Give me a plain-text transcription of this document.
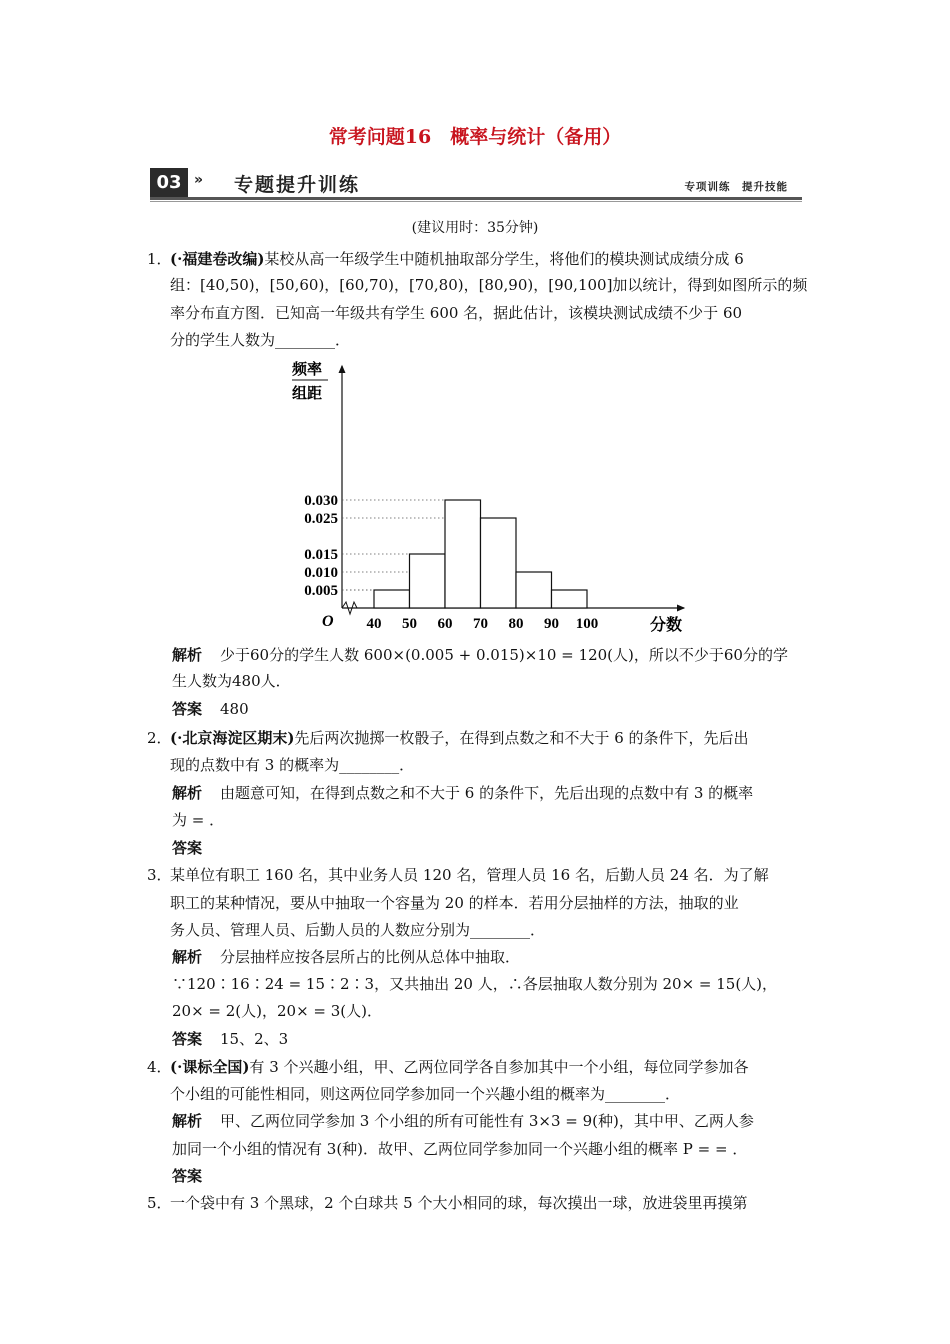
常考问题16　概率与统计（备用）
03 » 专题提升训练	专项训练　提升技能
(建议用时：35分钟)
1．
(·福建卷改编)某校从高一年级学生中随机抽取部分学生，将他们的模块测试成绩分成 6
组：[40,50)，[50,60)，[60,70)，[70,80)，[80,90)，[90,100]加以统计，得到如图所示的频
率分布直方图．已知高一年级共有学生 600 名，据此估计，该模块测试成绩不少于 60
分的学生人数为________．
频率
组距
O	分数
0.005
0.010
0.015
0.025
0.030
40 50 60 70 80 90 100
解析 少于60分的学生人数 600×(0.005 + 0.015)×10 = 120(人)，所以不少于60分的学
生人数为480人．
答案 480
2．
(·北京海淀区期末)先后两次抛掷一枚骰子，在得到点数之和不大于 6 的条件下，先后出
现的点数中有 3 的概率为________．
解析 由题意可知，在得到点数之和不大于 6 的条件下，先后出现的点数中有 3 的概率
为 = ．
答案
3．
某单位有职工 160 名，其中业务人员 120 名，管理人员 16 名，后勤人员 24 名．为了解
职工的某种情况，要从中抽取一个容量为 20 的样本．若用分层抽样的方法，抽取的业
务人员、管理人员、后勤人员的人数应分别为________．
解析 分层抽样应按各层所占的比例从总体中抽取．
∵120∶16∶24 = 15∶2∶3，又共抽出 20 人，∴各层抽取人数分别为 20× = 15(人)，
20× = 2(人)，20× = 3(人)．
答案 15、2、3
4．
(·课标全国)有 3 个兴趣小组，甲、乙两位同学各自参加其中一个小组，每位同学参加各
个小组的可能性相同，则这两位同学参加同一个兴趣小组的概率为________．
解析 甲、乙两位同学参加 3 个小组的所有可能性有 3×3 = 9(种)，其中甲、乙两人参
加同一个小组的情况有 3(种)．故甲、乙两位同学参加同一个兴趣小组的概率 P = = ．
答案
5．
一个袋中有 3 个黑球，2 个白球共 5 个大小相同的球，每次摸出一球，放进袋里再摸第
